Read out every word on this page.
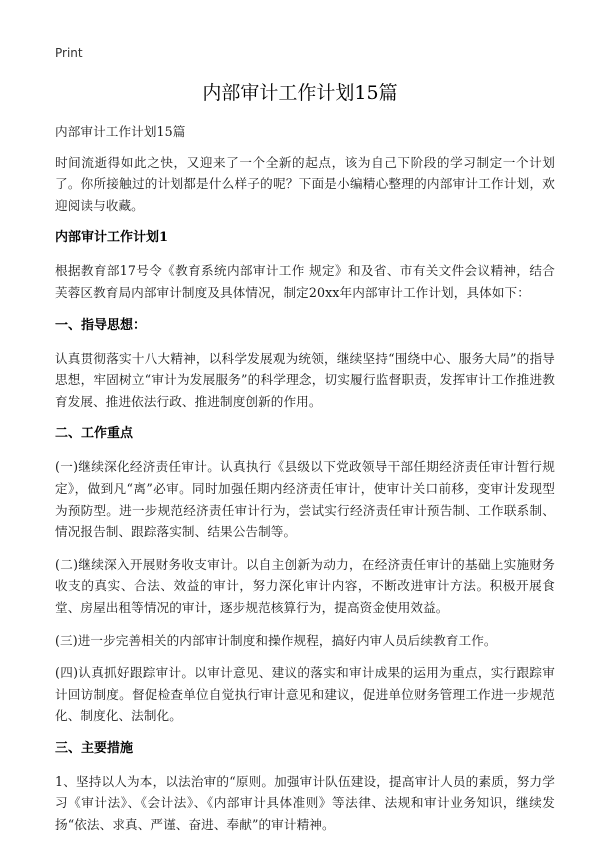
Print
内部审计工作计划15篇

内部审计工作计划15篇

时间流逝得如此之快，又迎来了一个全新的起点，该为自己下阶段的学习制定一个计划了。你所接触过的计划都是什么样子的呢？下面是小编精心整理的内部审计工作计划，欢迎阅读与收藏。

内部审计工作计划1

根据教育部17号令《教育系统内部审计工作 规定》和及省、市有关文件会议精神，结合芙蓉区教育局内部审计制度及具体情况，制定20xx年内部审计工作计划，具体如下：

一、指导思想：

认真贯彻落实十八大精神，以科学发展观为统领，继续坚持“围绕中心、服务大局”的指导思想，牢固树立“审计为发展服务”的科学理念，切实履行监督职责，发挥审计工作推进教育发展、推进依法行政、推进制度创新的作用。

二、工作重点

(一)继续深化经济责任审计。认真执行《县级以下党政领导干部任期经济责任审计暂行规定》，做到凡“离”必审。同时加强任期内经济责任审计，使审计关口前移，变审计发现型为预防型。进一步规范经济责任审计行为，尝试实行经济责任审计预告制、工作联系制、情况报告制、跟踪落实制、结果公告制等。

(二)继续深入开展财务收支审计。以自主创新为动力，在经济责任审计的基础上实施财务收支的真实、合法、效益的审计，努力深化审计内容，不断改进审计方法。积极开展食堂、房屋出租等情况的审计，逐步规范核算行为，提高资金使用效益。

(三)进一步完善相关的内部审计制度和操作规程，搞好内审人员后续教育工作。

(四)认真抓好跟踪审计。以审计意见、建议的落实和审计成果的运用为重点，实行跟踪审计回访制度。督促检查单位自觉执行审计意见和建议，促进单位财务管理工作进一步规范化、制度化、法制化。

三、主要措施

1、坚持以人为本，以法治审的“原则。加强审计队伍建设，提高审计人员的素质，努力学习《审计法》、《会计法》、《内部审计具体准则》等法律、法规和审计业务知识，继续发扬“依法、求真、严谨、奋进、奉献”的审计精神。
